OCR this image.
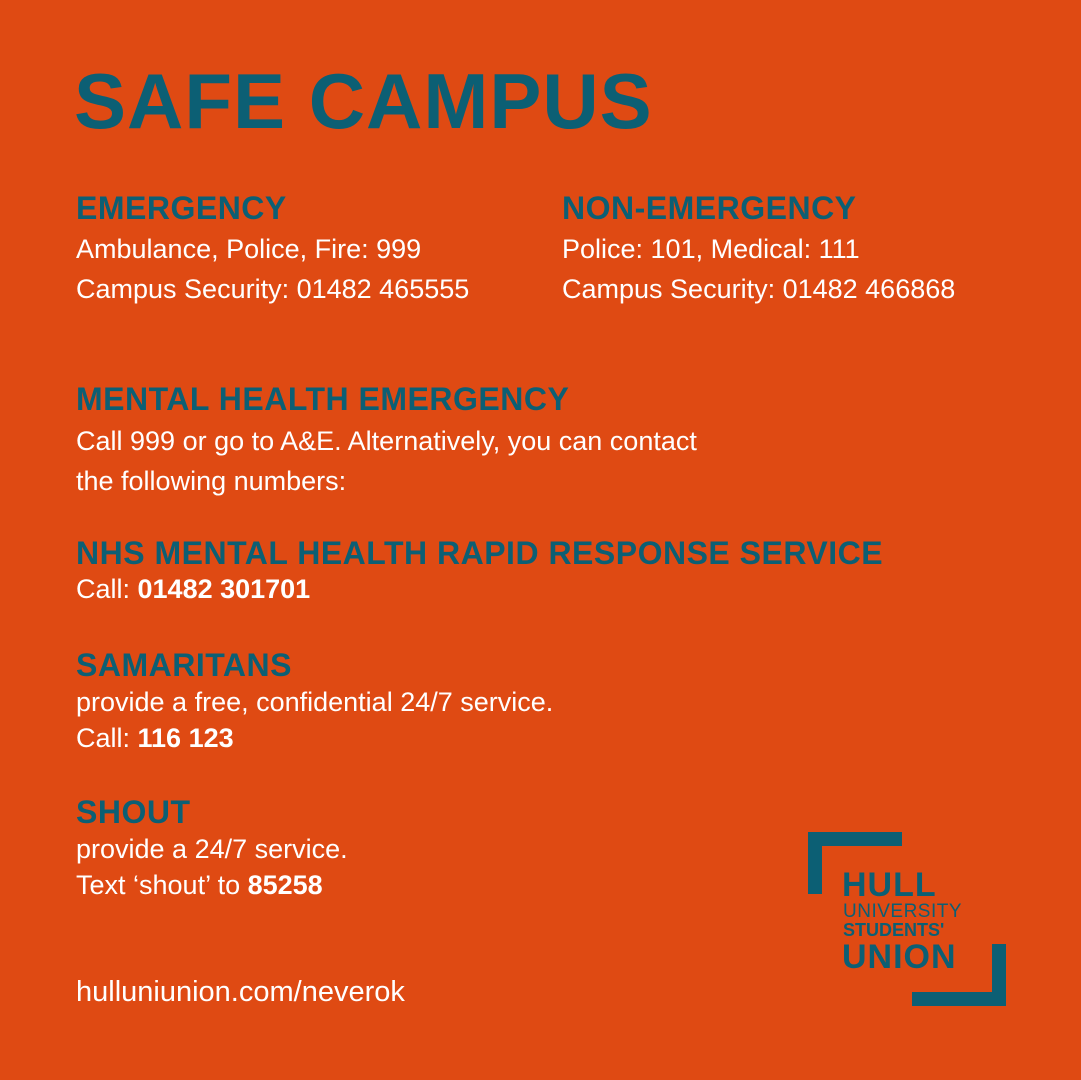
SAFE CAMPUS
EMERGENCY
Ambulance, Police, Fire: 999
Campus Security: 01482 465555
NON-EMERGENCY
Police: 101, Medical: 111
Campus Security: 01482 466868
MENTAL HEALTH EMERGENCY
Call 999 or go to A&E. Alternatively, you can contact
the following numbers:
NHS MENTAL HEALTH RAPID RESPONSE SERVICE
Call: 01482 301701
SAMARITANS
provide a free, confidential 24/7 service.
Call: 116 123
SHOUT
provide a 24/7 service.
Text ‘shout’ to 85258
hulluniunion.com/neverok
HULL
UNIVERSITY
STUDENTS'
UNION
